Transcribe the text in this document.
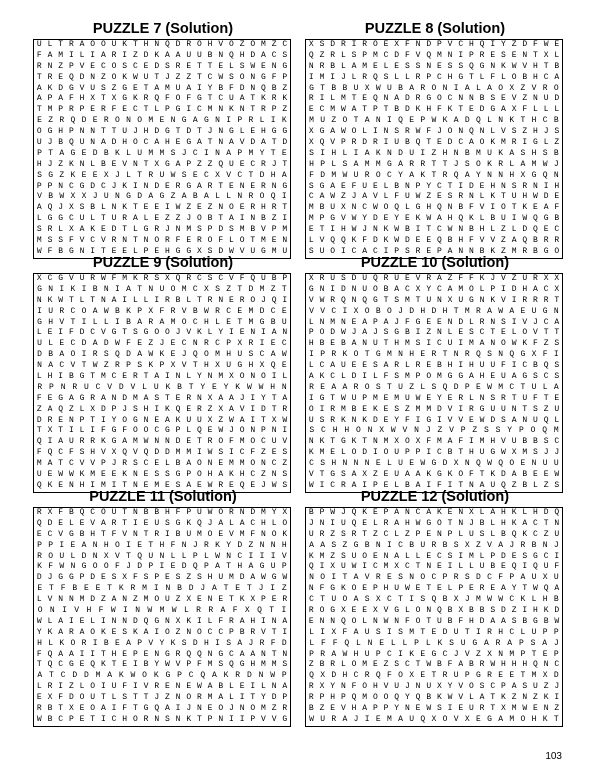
PUZZLE 7 (Solution)
U L T R A O O U K T H N Q D R O H V O Z O M Z C
F A M I L I A R I Z D K A A U U B N Q H D A C S
R N Z P V E C O S C E D S R E T T E L S W E N G
T R E Q D N Z O K W U T J Z Z T C W S O N G F P
A K D G V U S Z G E T A M U A I Y B F D N Q B Z
A P A F H X T X G K R Q F O F G T C U A T K R K
T M P R P E R F E C T L P G I C M N K N T R P Z
E Z R Q D E R O N O M E N G A G N I P R L I K
O G H P N N T T U J H D G T D T J N G L E H G G
U J B Q U N A D H O C A H E G A T N A V D A T D
P T A G E D B K L U M M S J C I N A P M Y T E
H J Z K N L B E V N T X G A P Z Z Q U E C R J T
S G Z K E E X J L T R U W S E C X V C T D H A
P P N C G D C J K I N D E R G A R T E N E R N G
V B W X X J U N G D A G Z A B A L L N R O Q I
A Q J X S B L N K T E E I W Z E Z N O E R H R T
L G G C U L T U R A L E Z Z J O B T A I N B Z I
S R L X A K E D T L G R J N M S P D S M B V P M
M S S F V C V R N T N O R F E R O F L O T M E N
W F B G N I T E E L P E H G G X S D W V U G M U
PUZZLE 8 (Solution)
X S D R I R O E X F N D P V C H Q I Y Z D F W E
Q Z R L S P M C D F V Q M N I P R E S E N T X L
N R B L A M E L E S S N E S S Q G N K W V H T B
I M I J L R Q S L L R P C H G T L F L O B H C A
G T B B U X W U B A R O N I A L A O X Z V R O
R I L M T E Q N A D R G O C N N B S E V Z N U D
E C M W A T P T B D K H F K T E D G A X F L L L
M U Z O T A N I Q E P W K A D Q L N K T H C B
X G A W O L I N S R W F J O N Q N L V S Z H J S
X Q V P R D R I U B Q T E D C A O K M R I G L Z
S I H L I A K N D U I Z H N B M U K A S H S B
H P L S A M M G A R R T T J S O K R L A M W J
F D M W U R O C Y A K T R Q A Y N N H X G Q N
S G A E F U E L B N P Y C T I D E H N S R N I H
C A W Z J A V L F U W Z E S R N L K T U H W D E
M B U X N C W O Q L G H Q N B F V I O T K E A F
M P G V W Y D E Y E K W A H Q K L B U I W Q G B
E T I H W J N K W B I T C W N B H L Z L D Q E C
L V Q Q K F D K W D E E Q B H F V V Z A Q B R R
S U O I C A C I P S R E P A N N B K Z M R B G O
PUZZLE 9 (Solution)
X C G V U R W F M K R S X Q R C S C V F Q U B P
G N I K I B N I A T N U O M C X S Z T D M Z T
N K W T L T N A I L L I R B L T R N E R O J Q I
I U R C O A W B K P X F R V B W R C E M D C E
G H V T I L L I B A R A M O C H L E T M G B U
L E I F D C V G T S G O O J V K L Y I E N I A N
U L E C D A D W F E Z J E C N R C P X R I E C
D B A O I R S Q D A W K E J Q O M H U S C A W
N A C V T W Z R P S K P X V T H X U G H X Q E
L H I B G T M C E R T A I N L Y N M X O N O I L
R P N R U C V D V L U K B T Y E Y K W W H N
F E G A G R A N D M A S T E R N X A A J I Y T A
Z A Q Z L X D P J S H I K Q E R Z X A V I D T R
D R E N P T I Y O G N E A K U U X Z W A I T X W
T X T I L I F G F O O C G P L Q E W J O N P N I
Q I A U R R K G A M W N N D E T R O F M O C U V
F Q C F S H V X Q V Q D D M M I W S I C F Z E S
M A T C V V P J R S C E L B A O N E M M O N C Z
U E W W K M E E K N E S S G P O H A K H C Z N S
Q K E N H I M I T N E M E S A E W R E Q E J W S
PUZZLE 10 (Solution)
X R U S D U Q R U E V R A Z F F K J V Z U R X X
G N I D N U O B A C X Y C A M O L P I D H A C X
V W R Q N Q G T S M T U N X U G N K V I R R R T
V V C I X O B O J D H D H T M R A W A E U G N
L N M N E A P A J F G E E N D L R N S I V J C A
P O D W J A J S G B I Z N L E S C T E L O V T T
H B E B A N U T H M S I C U I M A N O W K F Z S
I P R K O T G M N H E R T N R Q S N Q G X F I
L C A U E E S A R L R E B H I H U U F I C B Q S
A K C L D I L F S M P O M G G A H E U A G S C S
R E A A R O S T U Z L S Q D P E W M C T U L A
I G T W U P M E M U W E Y E R L N S R T U F T E
O I R M B E K E S Z M M D V I R G U U N T S Z U
U S R K N K D E Y F I G I V V E W D S A N U Q L
S C H H O N X W V N J Z V P Z S S Y P O Q M
N K T G K T N M X O X F M A F I M H V U B B S C
K M E L O D I O U P P I C B T H U G W X M S J J
C S H N N N E L U E W G D X N Q W Q O E N U U
V T G S A X Z E U A A K G K O F T K D A B E E W
W I C R A I P E L B A I F I T N A U Q Z B L Z S
PUZZLE 11 (Solution)
R X F B Q C O U T N B B H F P U W O R N D M Y X
Q D E L E V A R T I E U S G K Q J A L A C H L O
E C V G B H T F V N T R I B U M O E V M F N O K
P P I E A N H O I E T H F N J R K Y D Z N N H
R O U L D N X V T Q U N L L P L W N C I I I V
K F W N G O O F J D P I E D Q P A T H A G U P
D J G G P D E S X F S P E S Z S H U M D A W G W
E T F B E E T K R M I N B D J A T E T J I Z
L V N N M D Z A N Z M O U Z X E N E T K X P E R
O N I V H F W I N W M W L R R A F X Q T I
W L A I E L I N N D Q G N X K I L F R A H I N A
Y K A R A O K E S K A I O Z N O C C P B R V T I
H L K O R I B E A P V Y K S D H I S A J R F D
F Q A A I I T H E P E N G R Q Q N G C A A N T N
T Q C G E Q K T E I B Y W V P F M S Q G H M M S
A T C D D M A K W O K G P C Q A K R D N W P
L R I Z L O I U F I V R E N E W A B L E I L N A
E X F D O U T L S T T J Z N O R M A L I T Y D P
R B T X E O A I F T G Q A I J N E O J N O M Z R
W B C P E T I C H O R N S N K T P N I I P V V G
PUZZLE 12 (Solution)
B P W J Q K E P A N C A K E N X L A H K L H D Q
J N I U Q E L R A H W G O T N J B L H K A C T N
U R Z S R T Z C L Z P E N P L U S L B Q K C Z U
A A S Z G B N I C B U R B S X Z V A J R B N J
K M Z S U O E N A L L E C S I M L P D E S G C I
Q I X U W I C M X C T N E I L L U B E Q I Q U F
N O I T A V R E S N O C P R S D C F P A U X U
N F G K O E P H U W E T E L P E R E A Y T W Q A
C T U O A S X C T I S Q B X J M W W C K L H B
R O G X E E X V G L O N Q B X B B S D Z I H K D
E N N Q O L N W N F O T U B F H D A A S B G B W
L I X F A U S I S M T E D U T I R H C L U P P
L F F Q L N E L L P L K S U G A R A P S A J
P R A W H U P C I K E G C J V Z X N M P T E P
Z B R L O M E Z S C T W B F A B R W H H H Q N C
Q X D H C R Q F O X E T R U P G R E E T M X D
R X Y N F O H V U J N U X Y V O S C P A S U Z J
R P H P Q M O O Q Y Q B K W V L A T K Z N Z K I
B Z E V H A P P Y N E W S I E U R T X M W E N Z
W U R A J I E M A U Q X O V X E G A M O H K T
103
